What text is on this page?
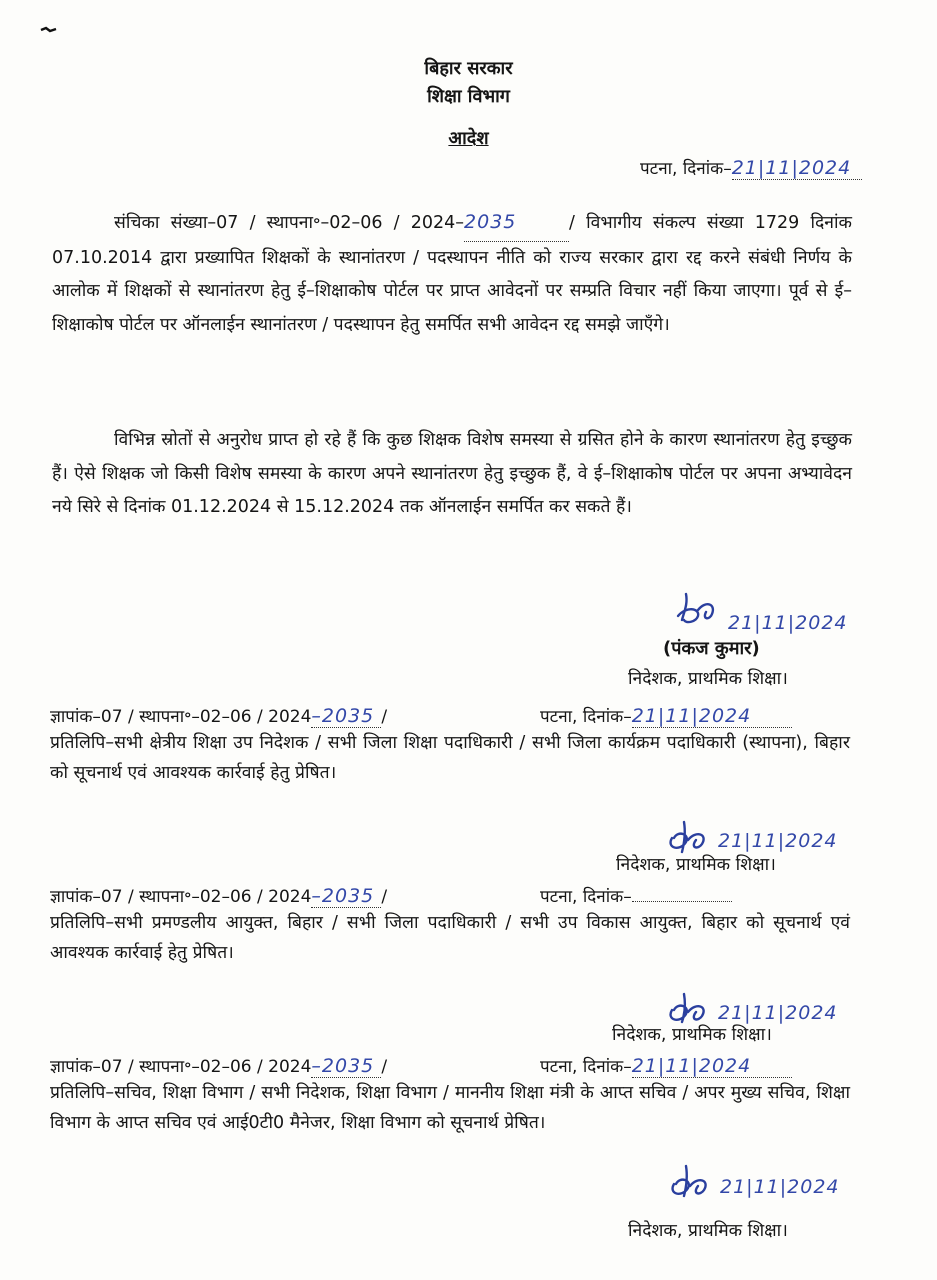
बिहार सरकार
शिक्षा विभाग
आदेश
पटना, दिनांक–21|11|2024
संचिका संख्या–07 / स्थापना॰–02–06 / 2024–2035	/ विभागीय संकल्प संख्या 1729 दिनांक 07.10.2014 द्वारा प्रख्यापित शिक्षकों के स्थानांतरण / पदस्थापन नीति को राज्य सरकार द्वारा रद्द करने संबंधी निर्णय के आलोक में शिक्षकों से स्थानांतरण हेतु ई–शिक्षाकोष पोर्टल पर प्राप्त आवेदनों पर सम्प्रति विचार नहीं किया जाएगा। पूर्व से ई–शिक्षाकोष पोर्टल पर ऑनलाईन स्थानांतरण / पदस्थापन हेतु समर्पित सभी आवेदन रद्द समझे जाएँगे।
विभिन्न स्रोतों से अनुरोध प्राप्त हो रहे हैं कि कुछ शिक्षक विशेष समस्या से ग्रसित होने के कारण स्थानांतरण हेतु इच्छुक हैं। ऐसे शिक्षक जो किसी विशेष समस्या के कारण अपने स्थानांतरण हेतु इच्छुक हैं, वे ई–शिक्षाकोष पोर्टल पर अपना अभ्यावेदन नये सिरे से दिनांक 01.12.2024 से 15.12.2024 तक ऑनलाईन समर्पित कर सकते हैं।
21|11|2024
(पंकज कुमार)
निदेशक, प्राथमिक शिक्षा।
ज्ञापांक–07 / स्थापना॰–02–06 / 2024–2035 /	पटना, दिनांक–21|11|2024
प्रतिलिपि–सभी क्षेत्रीय शिक्षा उप निदेशक / सभी जिला शिक्षा पदाधिकारी / सभी जिला कार्यक्रम पदाधिकारी (स्थापना), बिहार को सूचनार्थ एवं आवश्यक कार्रवाई हेतु प्रेषित।
21|11|2024
निदेशक, प्राथमिक शिक्षा।
ज्ञापांक–07 / स्थापना॰–02–06 / 2024–2035 /	पटना, दिनांक–
प्रतिलिपि–सभी प्रमण्डलीय आयुक्त, बिहार / सभी जिला पदाधिकारी / सभी उप विकास आयुक्त, बिहार को सूचनार्थ एवं आवश्यक कार्रवाई हेतु प्रेषित।
21|11|2024
निदेशक, प्राथमिक शिक्षा।
ज्ञापांक–07 / स्थापना॰–02–06 / 2024–2035 /	पटना, दिनांक–21|11|2024
प्रतिलिपि–सचिव, शिक्षा विभाग / सभी निदेशक, शिक्षा विभाग / माननीय शिक्षा मंत्री के आप्त सचिव / अपर मुख्य सचिव, शिक्षा विभाग के आप्त सचिव एवं आई0टी0 मैनेजर, शिक्षा विभाग को सूचनार्थ प्रेषित।
21|11|2024
निदेशक, प्राथमिक शिक्षा।
